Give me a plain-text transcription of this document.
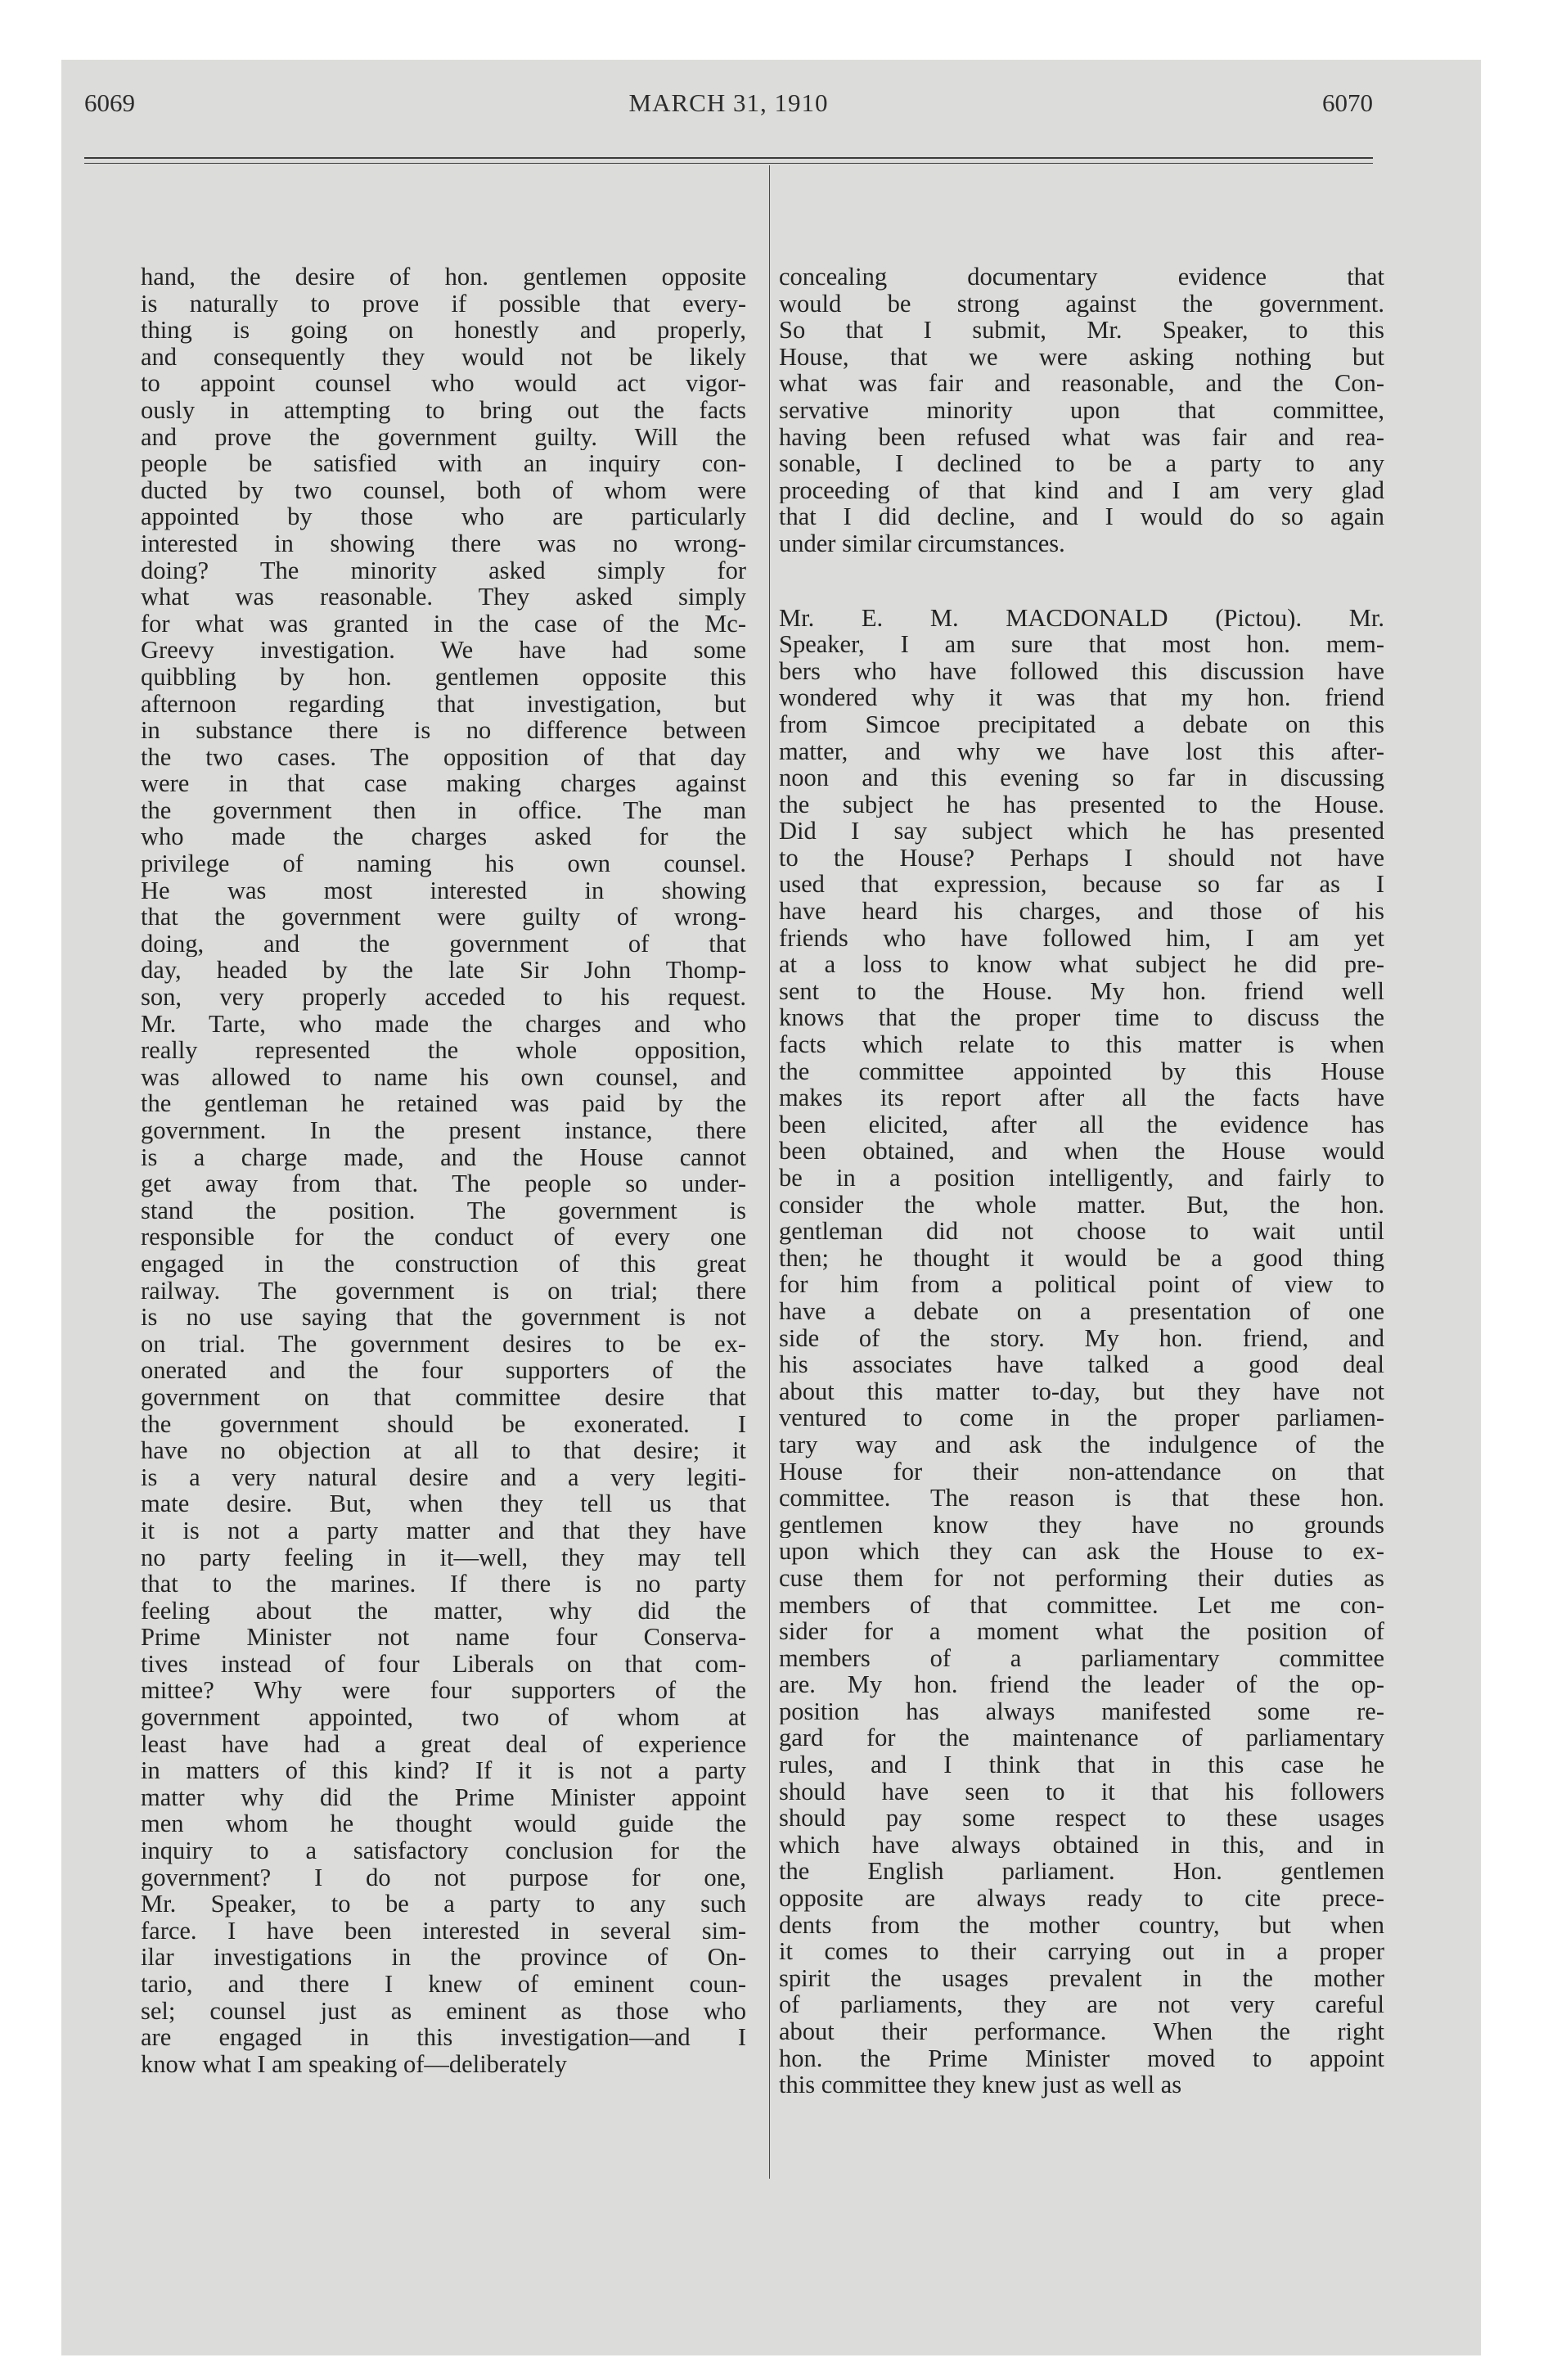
6069	MARCH 31, 1910	6070
hand, the desire of hon. gentlemen opposite
is naturally to prove if possible that every-
thing is going on honestly and properly,
and consequently they would not be likely
to appoint counsel who would act vigor-
ously in attempting to bring out the facts
and prove the government guilty. Will the
people be satisfied with an inquiry con-
ducted by two counsel, both of whom were
appointed by those who are particularly
interested in showing there was no wrong-
doing? The minority asked simply for
what was reasonable. They asked simply
for what was granted in the case of the Mc-
Greevy investigation. We have had some
quibbling by hon. gentlemen opposite this
afternoon regarding that investigation, but
in substance there is no difference between
the two cases. The opposition of that day
were in that case making charges against
the government then in office. The man
who made the charges asked for the
privilege of naming his own counsel.
He was most interested in showing
that the government were guilty of wrong-
doing, and the government of that
day, headed by the late Sir John Thomp-
son, very properly acceded to his request.
Mr. Tarte, who made the charges and who
really represented the whole opposition,
was allowed to name his own counsel, and
the gentleman he retained was paid by the
government. In the present instance, there
is a charge made, and the House cannot
get away from that. The people so under-
stand the position. The government is
responsible for the conduct of every one
engaged in the construction of this great
railway. The government is on trial; there
is no use saying that the government is not
on trial. The government desires to be ex-
onerated and the four supporters of the
government on that committee desire that
the government should be exonerated. I
have no objection at all to that desire; it
is a very natural desire and a very legiti-
mate desire. But, when they tell us that
it is not a party matter and that they have
no party feeling in it—well, they may tell
that to the marines. If there is no party
feeling about the matter, why did the
Prime Minister not name four Conserva-
tives instead of four Liberals on that com-
mittee? Why were four supporters of the
government appointed, two of whom at
least have had a great deal of experience
in matters of this kind? If it is not a party
matter why did the Prime Minister appoint
men whom he thought would guide the
inquiry to a satisfactory conclusion for the
government? I do not purpose for one,
Mr. Speaker, to be a party to any such
farce. I have been interested in several sim-
ilar investigations in the province of On-
tario, and there I knew of eminent coun-
sel; counsel just as eminent as those who
are engaged in this investigation—and I
know what I am speaking of—deliberately
concealing documentary evidence that
would be strong against the government.
So that I submit, Mr. Speaker, to this
House, that we were asking nothing but
what was fair and reasonable, and the Con-
servative minority upon that committee,
having been refused what was fair and rea-
sonable, I declined to be a party to any
proceeding of that kind and I am very glad
that I did decline, and I would do so again
under similar circumstances.
Mr. E. M. MACDONALD (Pictou). Mr.
Speaker, I am sure that most hon. mem-
bers who have followed this discussion have
wondered why it was that my hon. friend
from Simcoe precipitated a debate on this
matter, and why we have lost this after-
noon and this evening so far in discussing
the subject he has presented to the House.
Did I say subject which he has presented
to the House? Perhaps I should not have
used that expression, because so far as I
have heard his charges, and those of his
friends who have followed him, I am yet
at a loss to know what subject he did pre-
sent to the House. My hon. friend well
knows that the proper time to discuss the
facts which relate to this matter is when
the committee appointed by this House
makes its report after all the facts have
been elicited, after all the evidence has
been obtained, and when the House would
be in a position intelligently, and fairly to
consider the whole matter. But, the hon.
gentleman did not choose to wait until
then; he thought it would be a good thing
for him from a political point of view to
have a debate on a presentation of one
side of the story. My hon. friend, and
his associates have talked a good deal
about this matter to-day, but they have not
ventured to come in the proper parliamen-
tary way and ask the indulgence of the
House for their non-attendance on that
committee. The reason is that these hon.
gentlemen know they have no grounds
upon which they can ask the House to ex-
cuse them for not performing their duties as
members of that committee. Let me con-
sider for a moment what the position of
members of a parliamentary committee
are. My hon. friend the leader of the op-
position has always manifested some re-
gard for the maintenance of parliamentary
rules, and I think that in this case he
should have seen to it that his followers
should pay some respect to these usages
which have always obtained in this, and in
the English parliament. Hon. gentlemen
opposite are always ready to cite prece-
dents from the mother country, but when
it comes to their carrying out in a proper
spirit the usages prevalent in the mother
of parliaments, they are not very careful
about their performance. When the right
hon. the Prime Minister moved to appoint
this committee they knew just as well as
